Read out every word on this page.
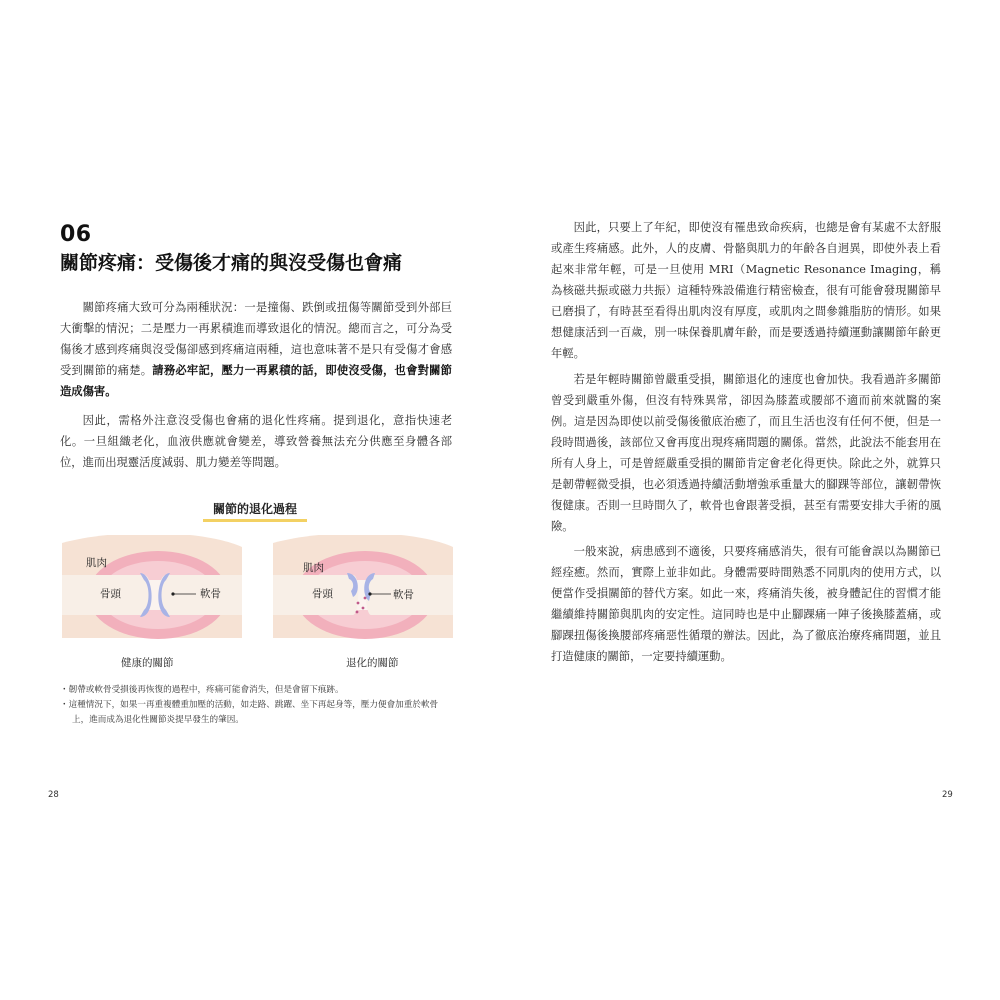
06
關節疼痛：受傷後才痛的與沒受傷也會痛

關節疼痛大致可分為兩種狀況：一是撞傷、跌倒或扭傷等關節受到外部巨大衝擊的情況；二是壓力一再累積進而導致退化的情況。總而言之，可分為受傷後才感到疼痛與沒受傷卻感到疼痛這兩種，這也意味著不是只有受傷才會感受到關節的痛楚。請務必牢記，壓力一再累積的話，即使沒受傷，也會對關節造成傷害。

因此，需格外注意沒受傷也會痛的退化性疼痛。提到退化，意指快速老化。一旦組織老化，血液供應就會變差，導致營養無法充分供應至身體各部位，進而出現靈活度減弱、肌力變差等問題。

關節的退化過程
肌肉
骨頭	軟骨
肌肉
骨頭	軟骨
健康的關節	退化的關節
・韌帶或軟骨受損後再恢復的過程中，疼痛可能會消失，但是會留下痕跡。
・這種情況下，如果一再重複體重加壓的活動，如走路、跳躍、坐下再起身等，壓力便會加重於軟骨上，進而成為退化性關節炎提早發生的肇因。
28

因此，只要上了年紀，即使沒有罹患致命疾病，也總是會有某處不太舒服或產生疼痛感。此外，人的皮膚、骨骼與肌力的年齡各自迥異，即使外表上看起來非常年輕，可是一旦使用 MRI（Magnetic Resonance Imaging，稱為核磁共振或磁力共振）這種特殊設備進行精密檢查，很有可能會發現關節早已磨損了，有時甚至看得出肌肉沒有厚度，或肌肉之間參雜脂肪的情形。如果想健康活到一百歲，別一味保養肌膚年齡，而是要透過持續運動讓關節年齡更年輕。

若是年輕時關節曾嚴重受損，關節退化的速度也會加快。我看過許多關節曾受到嚴重外傷，但沒有特殊異常，卻因為膝蓋或腰部不適而前來就醫的案例。這是因為即使以前受傷後徹底治癒了，而且生活也沒有任何不便，但是一段時間過後，該部位又會再度出現疼痛問題的關係。當然，此說法不能套用在所有人身上，可是曾經嚴重受損的關節肯定會老化得更快。除此之外，就算只是韌帶輕微受損，也必須透過持續活動增強承重量大的腳踝等部位，讓韌帶恢復健康。否則一旦時間久了，軟骨也會跟著受損，甚至有需要安排大手術的風險。

一般來說，病患感到不適後，只要疼痛感消失，很有可能會誤以為關節已經痊癒。然而，實際上並非如此。身體需要時間熟悉不同肌肉的使用方式，以便當作受損關節的替代方案。如此一來，疼痛消失後，被身體記住的習慣才能繼續維持關節與肌肉的安定性。這同時也是中止腳踝痛一陣子後換膝蓋痛，或腳踝扭傷後換腰部疼痛惡性循環的辦法。因此，為了徹底治療疼痛問題，並且打造健康的關節，一定要持續運動。

29
